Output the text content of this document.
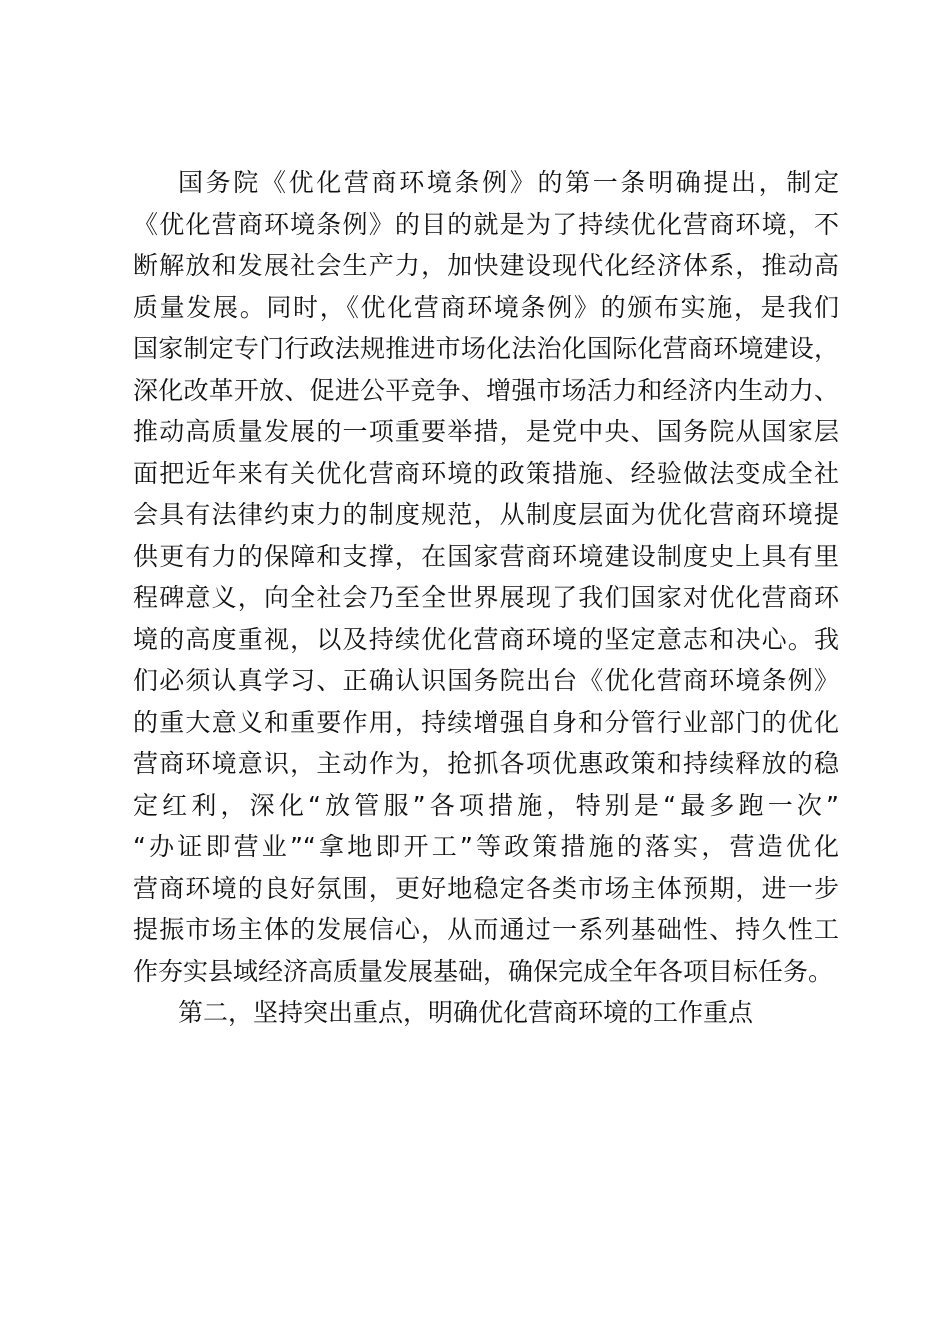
国务院《优化营商环境条例》的第一条明确提出，制定
《优化营商环境条例》的目的就是为了持续优化营商环境，不
断解放和发展社会生产力，加快建设现代化经济体系，推动高
质量发展。同时，《优化营商环境条例》的颁布实施，是我们
国家制定专门行政法规推进市场化法治化国际化营商环境建设，
深化改革开放、促进公平竞争、增强市场活力和经济内生动力、
推动高质量发展的一项重要举措，是党中央、国务院从国家层
面把近年来有关优化营商环境的政策措施、经验做法变成全社
会具有法律约束力的制度规范，从制度层面为优化营商环境提
供更有力的保障和支撑，在国家营商环境建设制度史上具有里
程碑意义，向全社会乃至全世界展现了我们国家对优化营商环
境的高度重视，以及持续优化营商环境的坚定意志和决心。我
们必须认真学习、正确认识国务院出台《优化营商环境条例》
的重大意义和重要作用，持续增强自身和分管行业部门的优化
营商环境意识，主动作为，抢抓各项优惠政策和持续释放的稳
定红利，深化“放管服”各项措施，特别是“最多跑一次”
“办证即营业”“拿地即开工”等政策措施的落实，营造优化
营商环境的良好氛围，更好地稳定各类市场主体预期，进一步
提振市场主体的发展信心，从而通过一系列基础性、持久性工
作夯实县域经济高质量发展基础，确保完成全年各项目标任务。
第二，坚持突出重点，明确优化营商环境的工作重点
